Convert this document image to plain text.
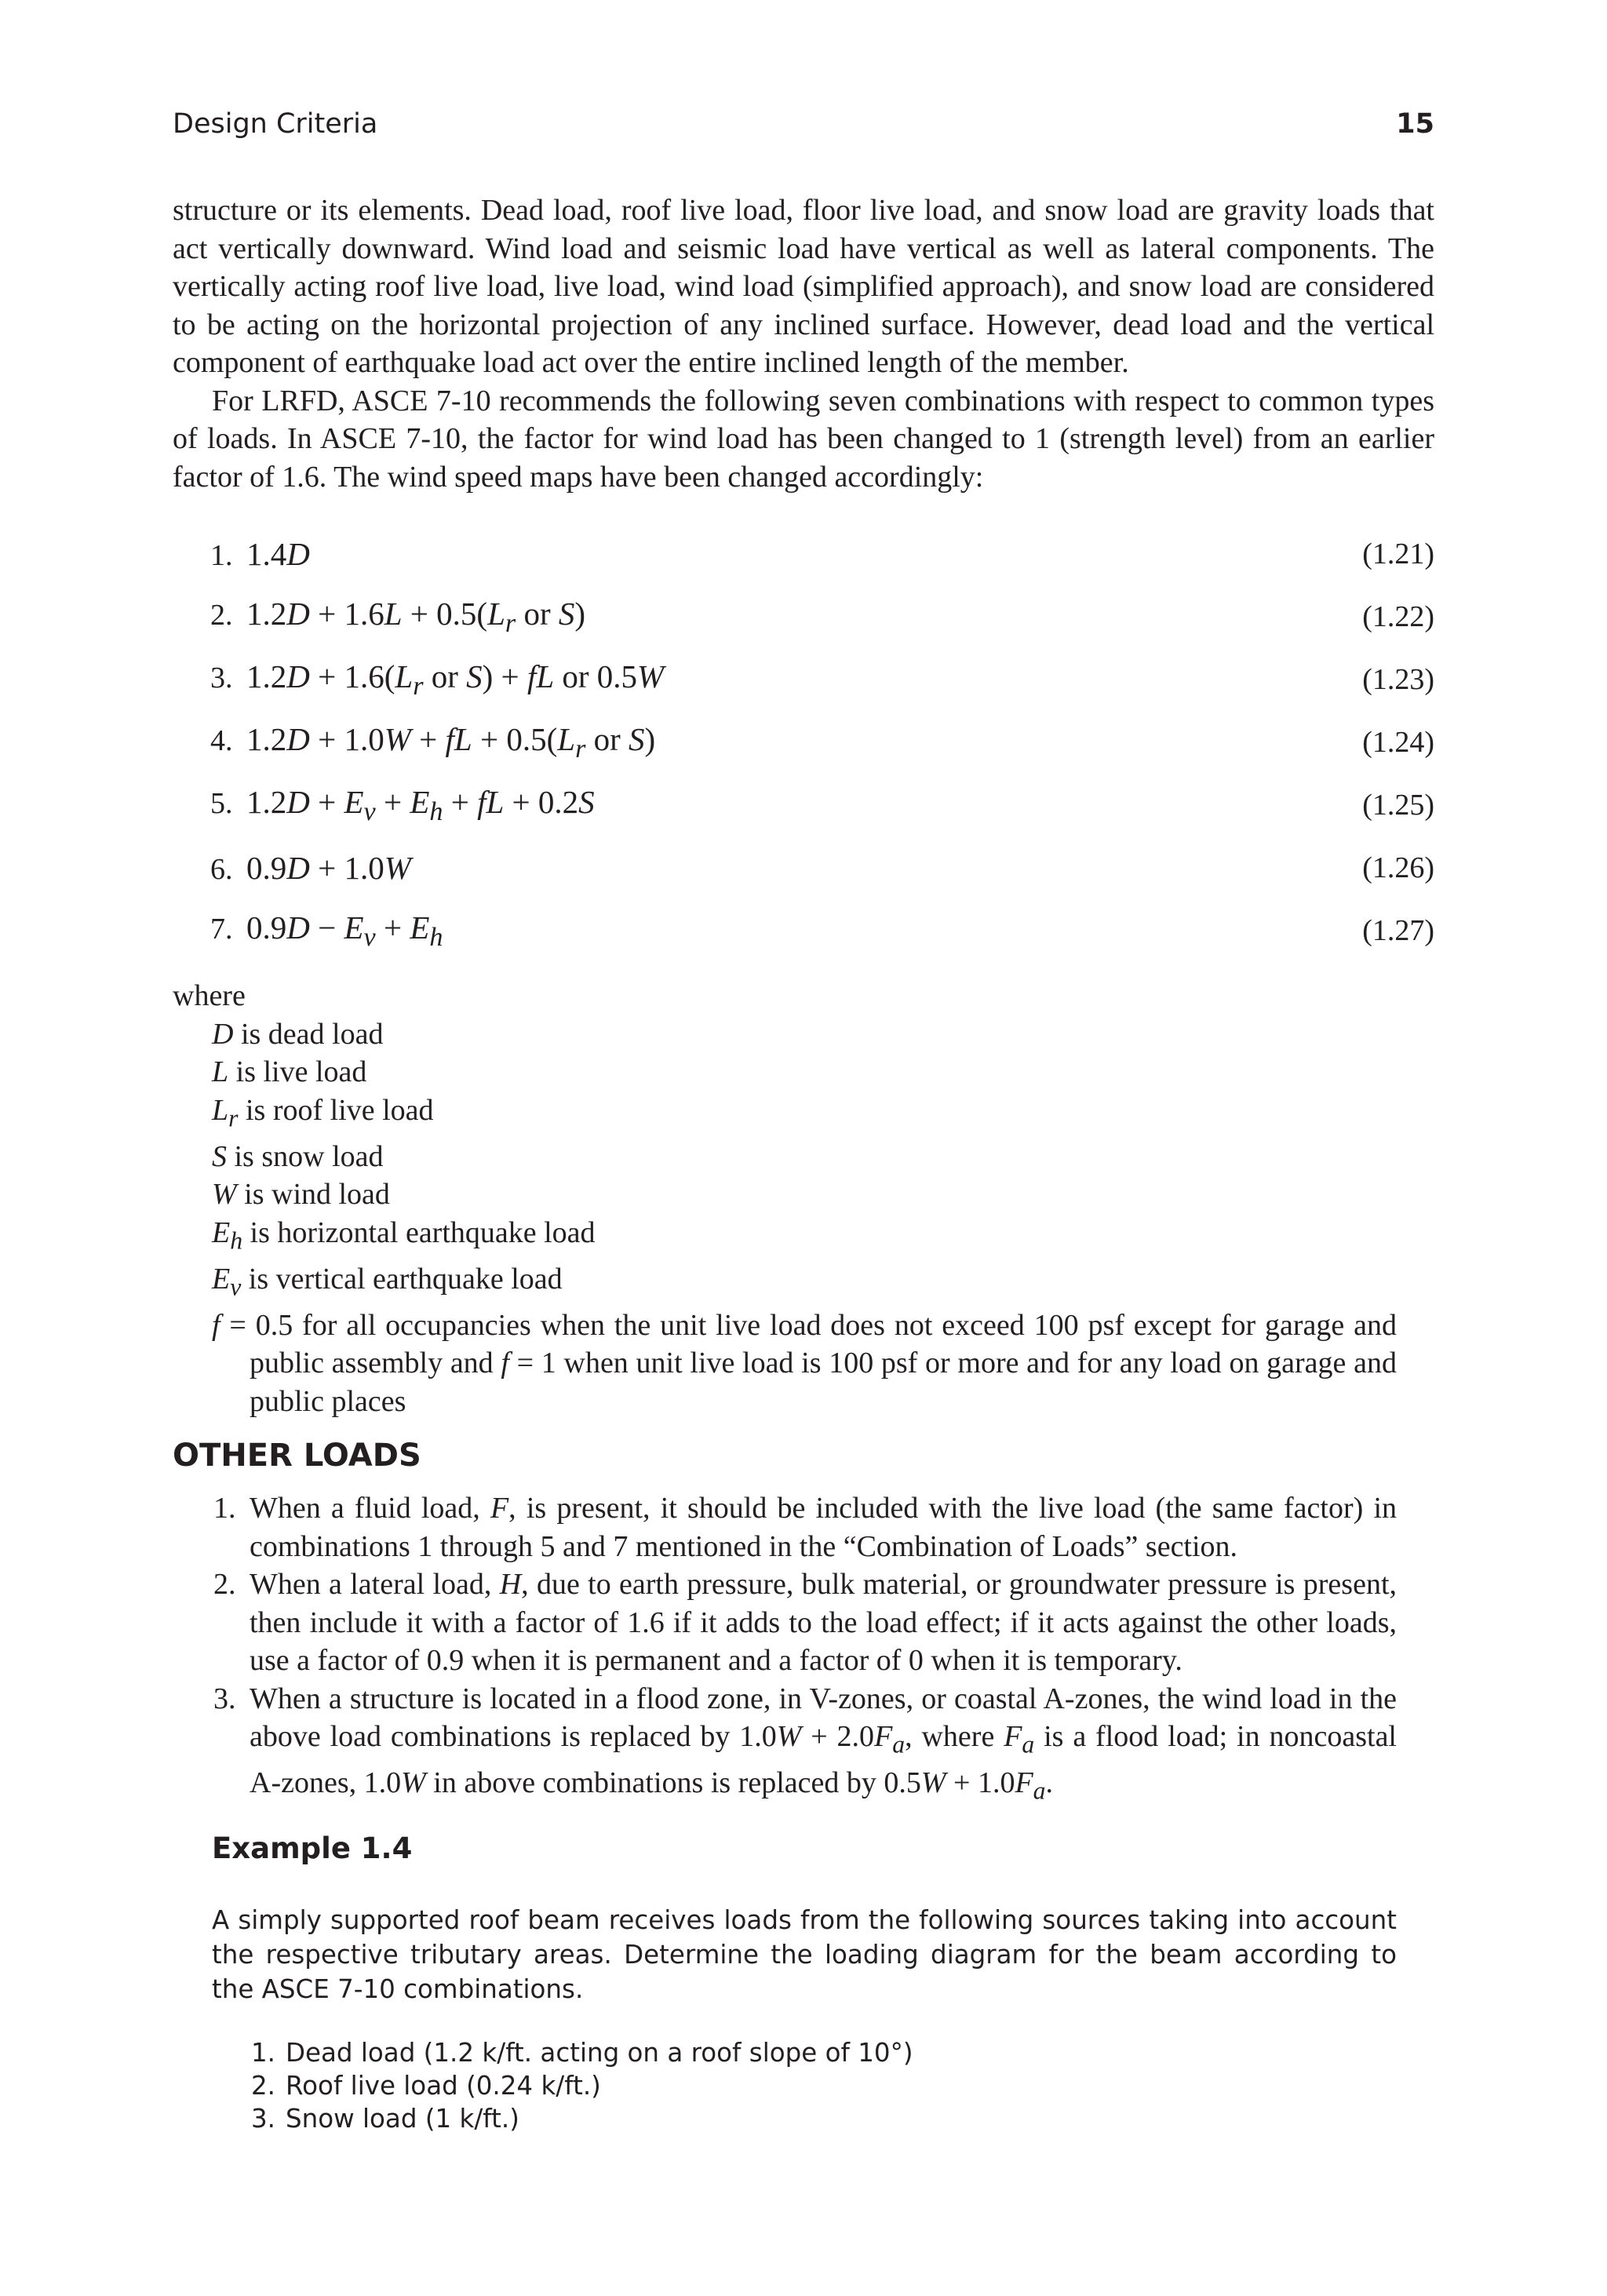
Design Criteria	15

structure or its elements. Dead load, roof live load, floor live load, and snow load are gravity loads that act vertically downward. Wind load and seismic load have vertical as well as lateral components. The vertically acting roof live load, live load, wind load (simplified approach), and snow load are considered to be acting on the horizontal projection of any inclined surface. However, dead load and the vertical component of earthquake load act over the entire inclined length of the member.

For LRFD, ASCE 7-10 recommends the following seven combinations with respect to common types of loads. In ASCE 7-10, the factor for wind load has been changed to 1 (strength level) from an earlier factor of 1.6. The wind speed maps have been changed accordingly:

1. 1.4D	(1.21)
2. $1.2D + 1.6L + 0.5(L_r$ or S)	(1.22)
3. $1.2D + 1.6(L_r$ or S) + fL or 0.5W	(1.23)
4. 1.2D + 1.0W + fL + $0.5(L_r$ or S)	(1.24)
5. $1.2D + E_v + E_h$ + fL + 0.2S	(1.25)
6. 0.9D + 1.0W	(1.26)
7. $0.9D - E_v + E_h$	(1.27)

where

D is dead load
L is live load
$L_r$ is roof live load
S is snow load
W is wind load
$E_h$ is horizontal earthquake load
$E_v$ is vertical earthquake load
f = 0.5 for all occupancies when the unit live load does not exceed 100 psf except for garage and public assembly and f = 1 when unit live load is 100 psf or more and for any load on garage and public places
OTHER LOADS
1. When a fluid load, F, is present, it should be included with the live load (the same factor) in combinations 1 through 5 and 7 mentioned in the “Combination of Loads” section.
2. When a lateral load, H, due to earth pressure, bulk material, or groundwater pressure is present, then include it with a factor of 1.6 if it adds to the load effect; if it acts against the other loads, use a factor of 0.9 when it is permanent and a factor of 0 when it is temporary.
3. When a structure is located in a flood zone, in V-zones, or coastal A-zones, the wind load in the above load combinations is replaced by $1.0W + 2.0F_a$, where $F_a$ is a flood load; in noncoastal A-zones, 1.0W in above combinations is replaced by $0.5W + 1.0F_a$.
Example 1.4

A simply supported roof beam receives loads from the following sources taking into account the respective tributary areas. Determine the loading diagram for the beam according to the ASCE 7-10 combinations.

1. Dead load (1.2 k/ft. acting on a roof slope of 10°)
2. Roof live load (0.24 k/ft.)
3. Snow load (1 k/ft.)
